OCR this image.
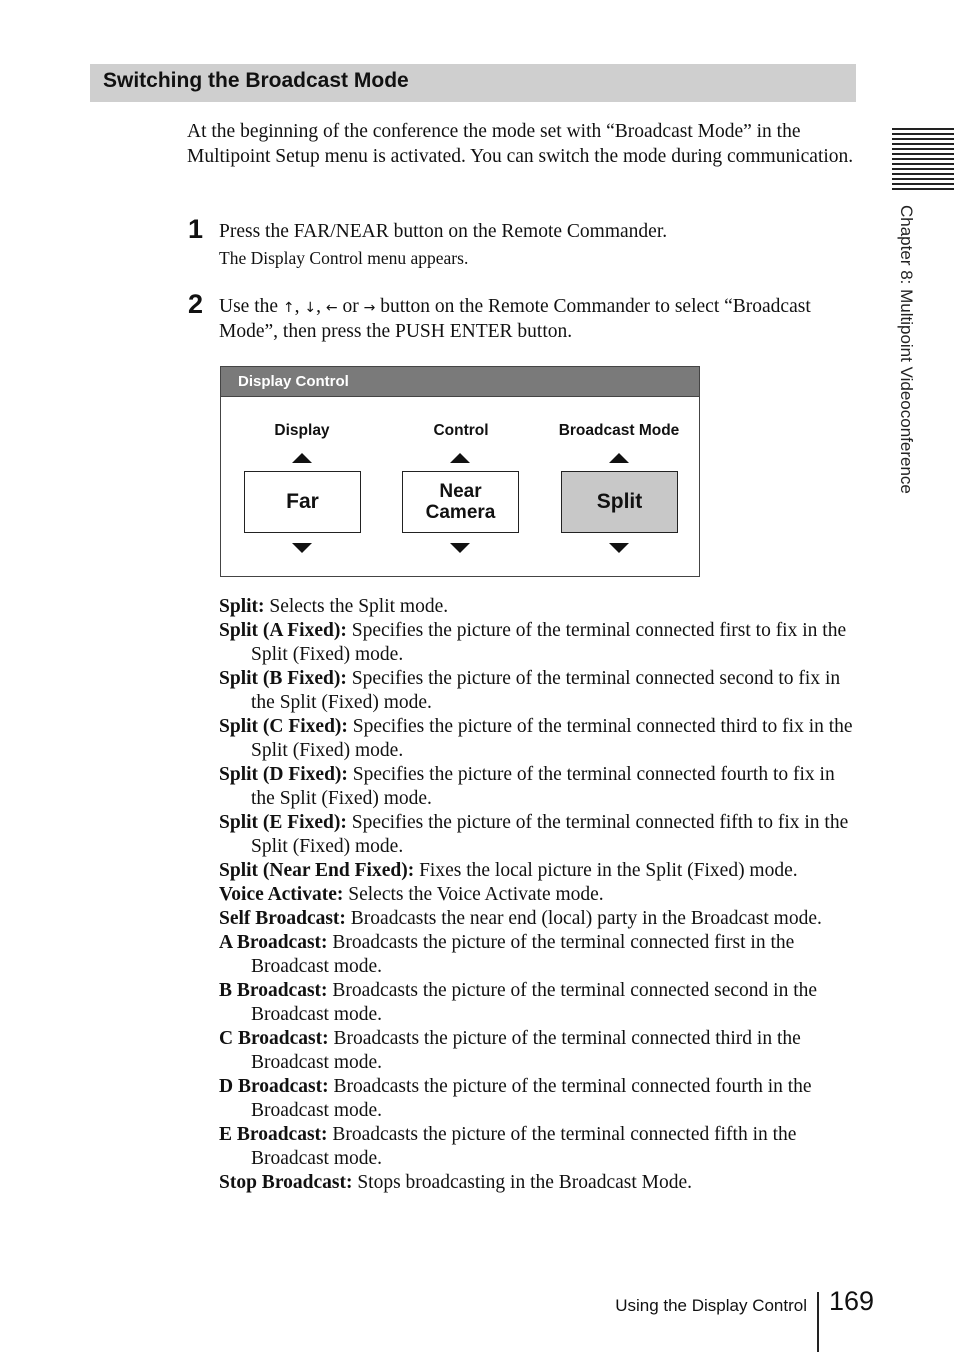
Switching the Broadcast Mode

At the beginning of the conference the mode set with “Broadcast Mode” in the Multipoint Setup menu is activated. You can switch the mode during communication.

1 Press the FAR/NEAR button on the Remote Commander.

The Display Control menu appears.

2 Use the ↑, ↓, ← or → button on the Remote Commander to select “Broadcast Mode”, then press the PUSH ENTER button.

Display Control
Display
Far
Control
Near
Camera
Broadcast Mode
Split
Split: Selects the Split mode.
Split (A Fixed): Specifies the picture of the terminal connected first to fix in the Split (Fixed) mode.
Split (B Fixed): Specifies the picture of the terminal connected second to fix in the Split (Fixed) mode.
Split (C Fixed): Specifies the picture of the terminal connected third to fix in the Split (Fixed) mode.
Split (D Fixed): Specifies the picture of the terminal connected fourth to fix in the Split (Fixed) mode.
Split (E Fixed): Specifies the picture of the terminal connected fifth to fix in the Split (Fixed) mode.
Split (Near End Fixed): Fixes the local picture in the Split (Fixed) mode.
Voice Activate: Selects the Voice Activate mode.
Self Broadcast: Broadcasts the near end (local) party in the Broadcast mode.
A Broadcast: Broadcasts the picture of the terminal connected first in the Broadcast mode.
B Broadcast: Broadcasts the picture of the terminal connected second in the Broadcast mode.
C Broadcast: Broadcasts the picture of the terminal connected third in the Broadcast mode.
D Broadcast: Broadcasts the picture of the terminal connected fourth in the Broadcast mode.
E Broadcast: Broadcasts the picture of the terminal connected fifth in the Broadcast mode.
Stop Broadcast: Stops broadcasting in the Broadcast Mode.
Chapter 8: Multipoint Videoconference
Using the Display Control 169
